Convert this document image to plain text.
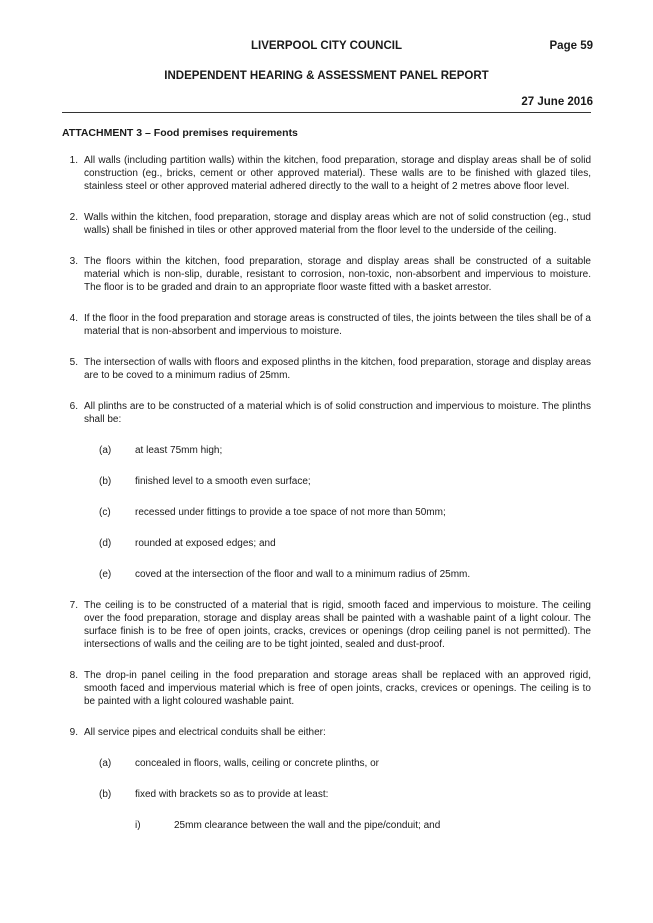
LIVERPOOL CITY COUNCIL	Page 59
INDEPENDENT HEARING & ASSESSMENT PANEL REPORT
27 June 2016
ATTACHMENT 3 – Food premises requirements
1. All walls (including partition walls) within the kitchen, food preparation, storage and display areas shall be of solid construction (eg., bricks, cement or other approved material). These walls are to be finished with glazed tiles, stainless steel or other approved material adhered directly to the wall to a height of 2 metres above floor level.
2. Walls within the kitchen, food preparation, storage and display areas which are not of solid construction (eg., stud walls) shall be finished in tiles or other approved material from the floor level to the underside of the ceiling.
3. The floors within the kitchen, food preparation, storage and display areas shall be constructed of a suitable material which is non-slip, durable, resistant to corrosion, non-toxic, non-absorbent and impervious to moisture. The floor is to be graded and drain to an appropriate floor waste fitted with a basket arrestor.
4. If the floor in the food preparation and storage areas is constructed of tiles, the joints between the tiles shall be of a material that is non-absorbent and impervious to moisture.
5. The intersection of walls with floors and exposed plinths in the kitchen, food preparation, storage and display areas are to be coved to a minimum radius of 25mm.
6. All plinths are to be constructed of a material which is of solid construction and impervious to moisture. The plinths shall be:
(a) at least 75mm high;
(b) finished level to a smooth even surface;
(c) recessed under fittings to provide a toe space of not more than 50mm;
(d) rounded at exposed edges; and
(e) coved at the intersection of the floor and wall to a minimum radius of 25mm.
7. The ceiling is to be constructed of a material that is rigid, smooth faced and impervious to moisture. The ceiling over the food preparation, storage and display areas shall be painted with a washable paint of a light colour. The surface finish is to be free of open joints, cracks, crevices or openings (drop ceiling panel is not permitted). The intersections of walls and the ceiling are to be tight jointed, sealed and dust-proof.
8. The drop-in panel ceiling in the food preparation and storage areas shall be replaced with an approved rigid, smooth faced and impervious material which is free of open joints, cracks, crevices or openings. The ceiling is to be painted with a light coloured washable paint.
9. All service pipes and electrical conduits shall be either:
(a) concealed in floors, walls, ceiling or concrete plinths, or
(b) fixed with brackets so as to provide at least:
i)	25mm clearance between the wall and the pipe/conduit; and
